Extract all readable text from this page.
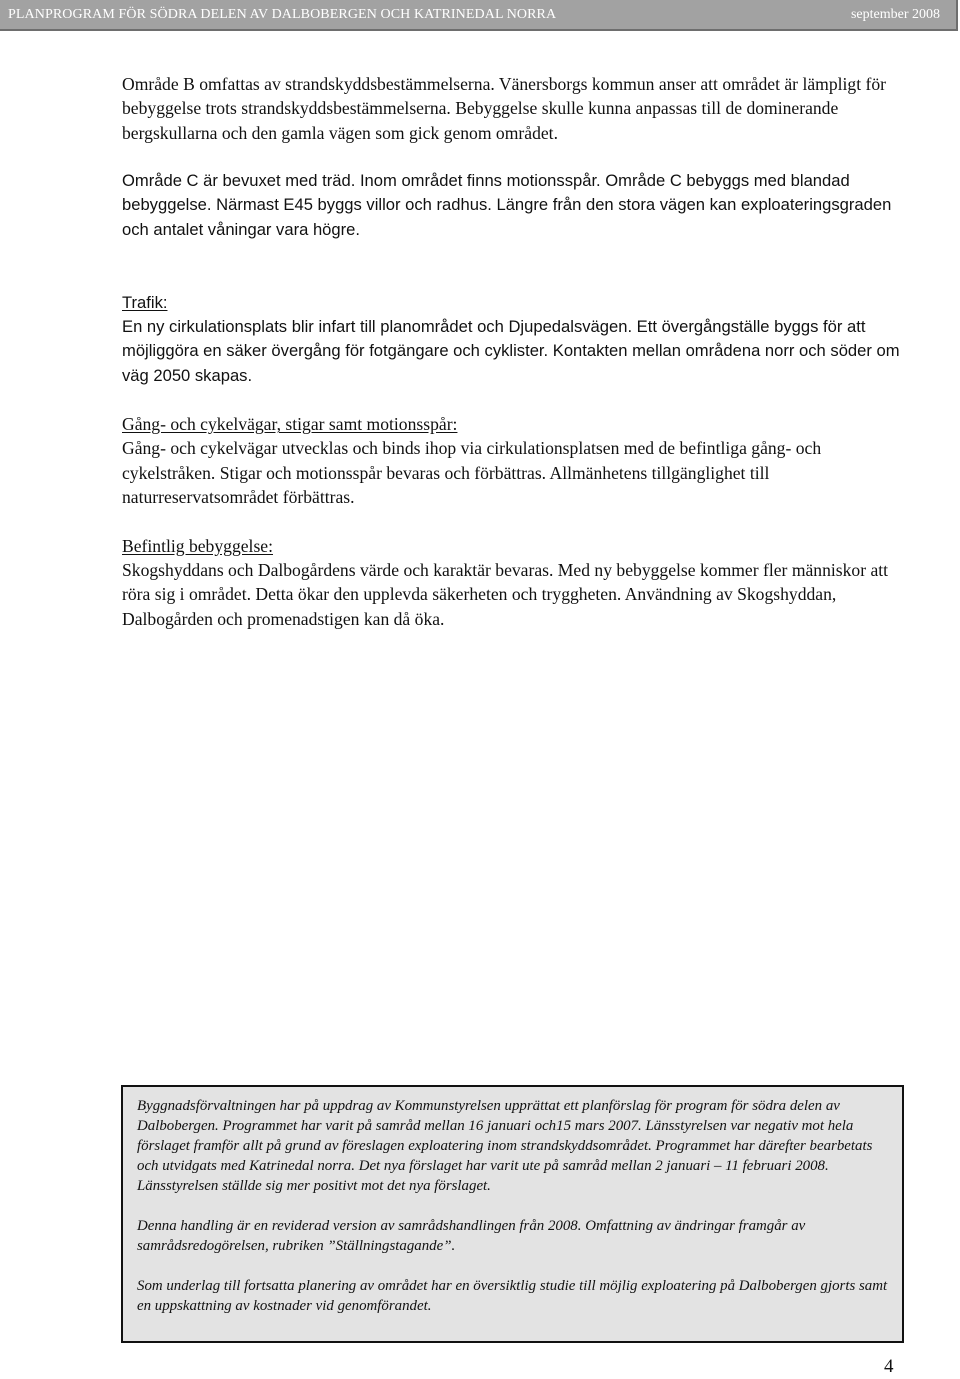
PLANPROGRAM FÖR SÖDRA DELEN AV DALBOBERGEN OCH KATRINEDAL NORRA	september 2008

Område B omfattas av strandskyddsbestämmelserna. Vänersborgs kommun anser att området är lämpligt för bebyggelse trots strandskyddsbestämmelserna. Bebyggelse skulle kunna anpassas till de dominerande bergskullarna och den gamla vägen som gick genom området.

Område C är bevuxet med träd. Inom området finns motionsspår. Område C bebyggs med blandad bebyggelse. Närmast E45 byggs villor och radhus. Längre från den stora vägen kan exploateringsgraden och antalet våningar vara högre.

Trafik:

En ny cirkulationsplats blir infart till planområdet och Djupedalsvägen. Ett övergångställe byggs för att möjliggöra en säker övergång för fotgängare och cyklister. Kontakten mellan områdena norr och söder om väg 2050 skapas.

Gång- och cykelvägar, stigar samt motionsspår:

Gång- och cykelvägar utvecklas och binds ihop via cirkulationsplatsen med de befintliga gång- och cykelstråken. Stigar och motionsspår bevaras och förbättras. Allmänhetens tillgänglighet till naturreservatsområdet förbättras.

Befintlig bebyggelse:

Skogshyddans och Dalbogårdens värde och karaktär bevaras. Med ny bebyggelse kommer fler människor att röra sig i området. Detta ökar den upplevda säkerheten och tryggheten. Användning av Skogshyddan, Dalbogården och promenadstigen kan då öka.

Byggnadsförvaltningen har på uppdrag av Kommunstyrelsen upprättat ett planförslag för program för södra delen av Dalbobergen. Programmet har varit på samråd mellan 16 januari och15 mars 2007. Länsstyrelsen var negativ mot hela förslaget framför allt på grund av föreslagen exploatering inom strandskyddsområdet. Programmet har därefter bearbetats och utvidgats med Katrinedal norra. Det nya förslaget har varit ute på samråd mellan 2 januari – 11 februari 2008. Länsstyrelsen ställde sig mer positivt mot det nya förslaget.

Denna handling är en reviderad version av samrådshandlingen från 2008. Omfattning av ändringar framgår av samrådsredogörelsen, rubriken ”Ställningstagande”.

Som underlag till fortsatta planering av området har en översiktlig studie till möjlig exploatering på Dalbobergen gjorts samt en uppskattning av kostnader vid genomförandet.

4
